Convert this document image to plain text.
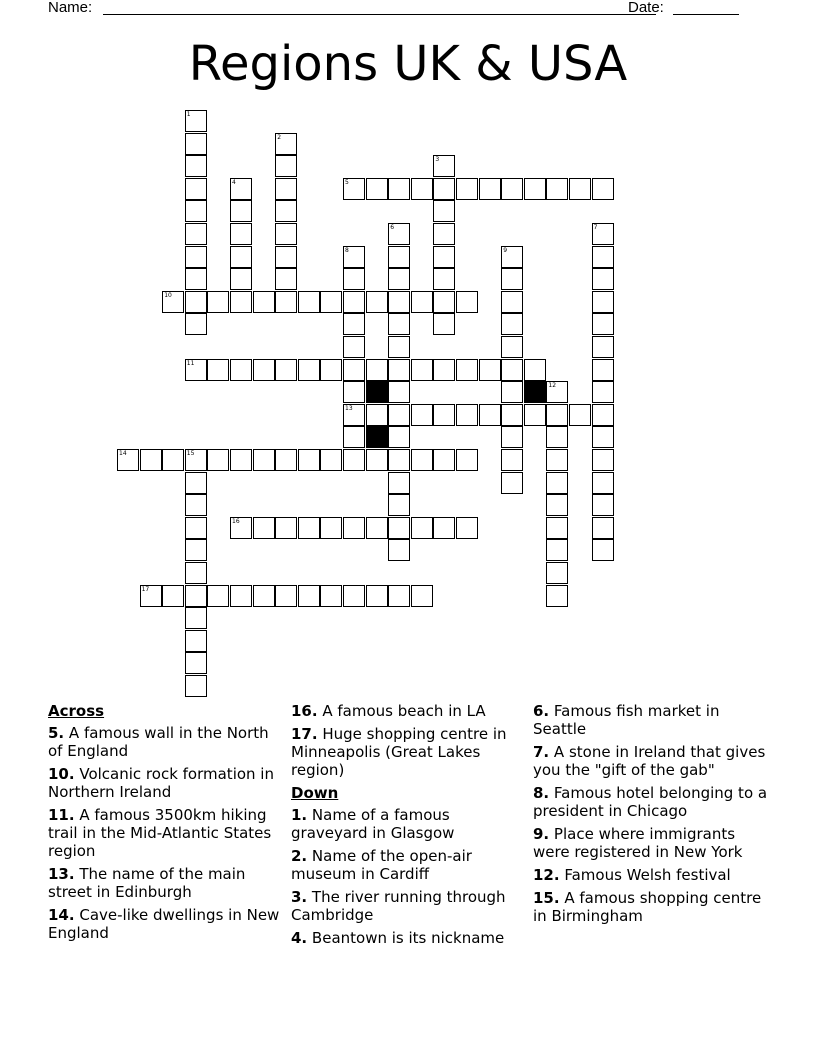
Name:	Date:
Regions UK & USA
1
2
3
4	5
6	7
8	9
10
11
12
13
14	15
16
17
Across
5. A famous wall in the North of England
10. Volcanic rock formation in Northern Ireland
11. A famous 3500km hiking trail in the Mid-Atlantic States region
13. The name of the main street in Edinburgh
14. Cave-like dwellings in New England
16. A famous beach in LA
17. Huge shopping centre in Minneapolis (Great Lakes region)
Down
1. Name of a famous graveyard in Glasgow
2. Name of the open-air museum in Cardiff
3. The river running through Cambridge
4. Beantown is its nickname
6. Famous fish market in Seattle
7. A stone in Ireland that gives you the "gift of the gab"
8. Famous hotel belonging to a president in Chicago
9. Place where immigrants were registered in New York
12. Famous Welsh festival
15. A famous shopping centre in Birmingham
